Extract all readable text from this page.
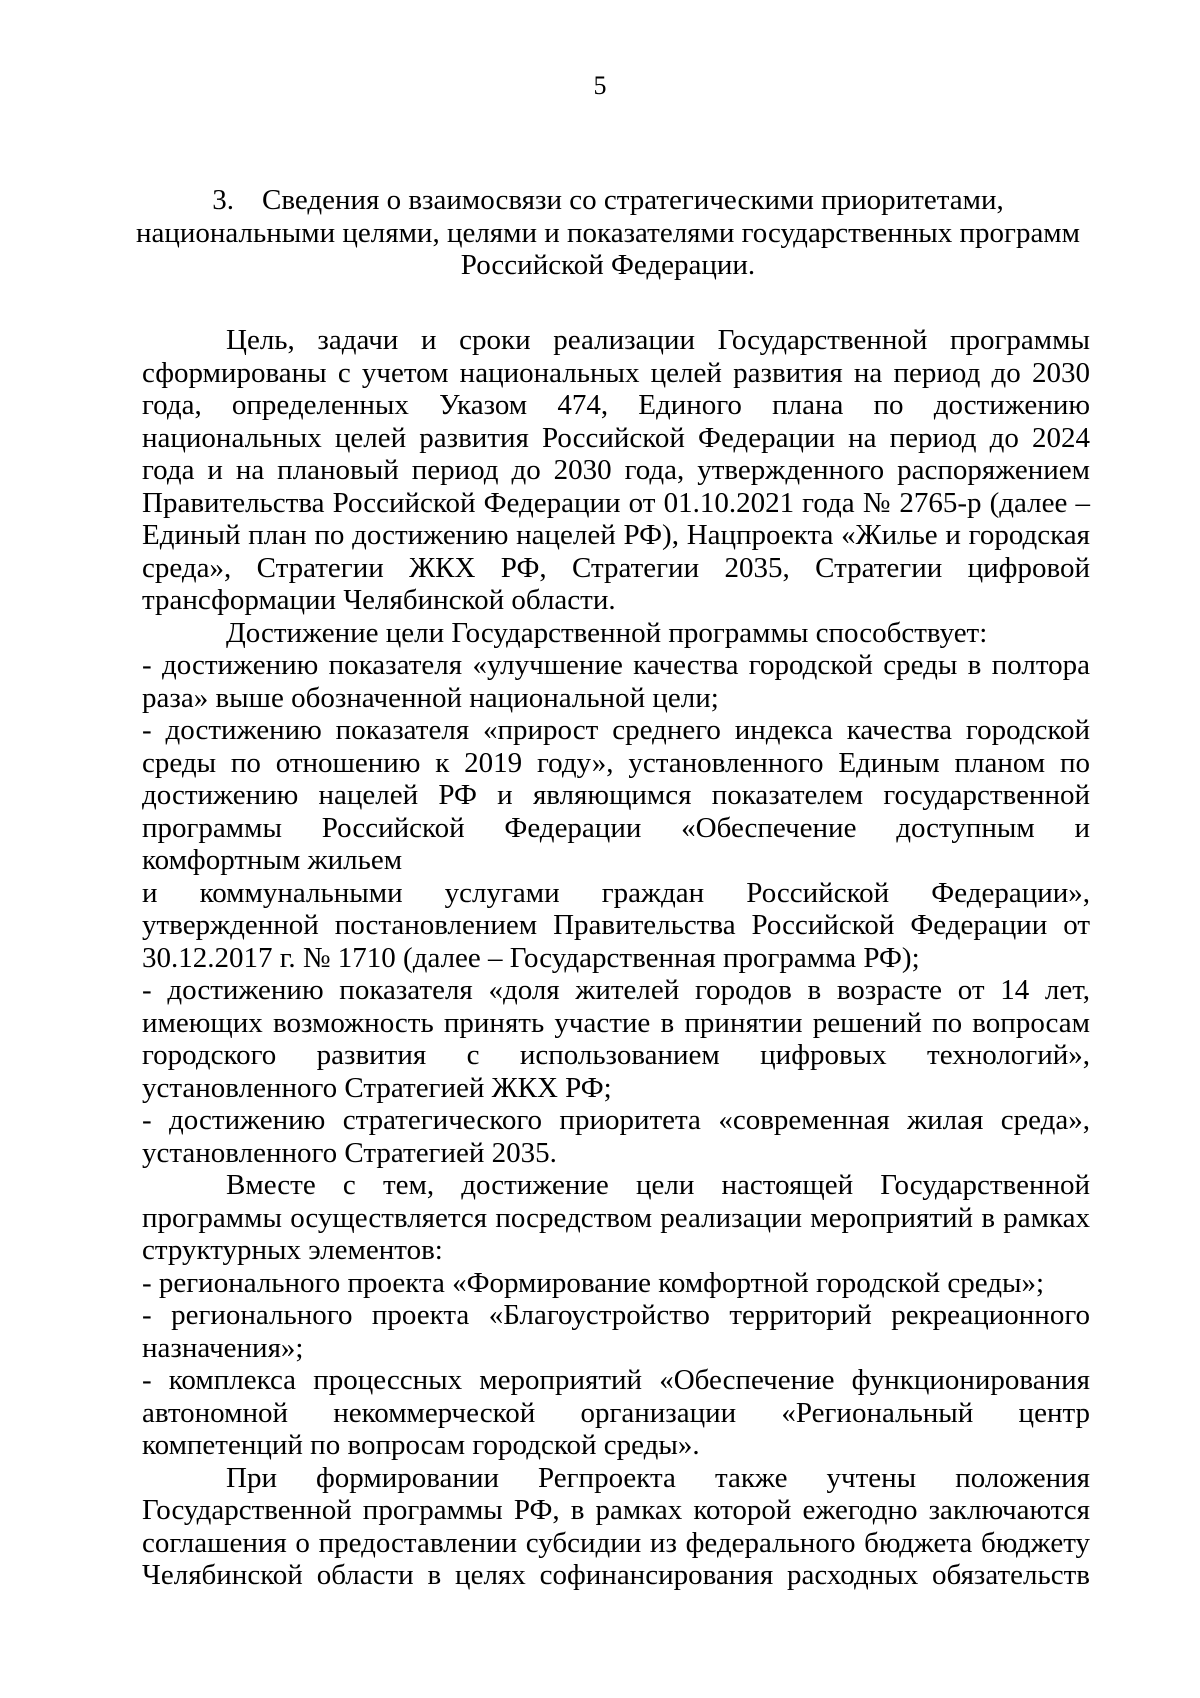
5
3. Сведения о взаимосвязи со стратегическими приоритетами,
национальными целями, целями и показателями государственных программ
Российской Федерации.

Цель, задачи и сроки реализации Государственной программы сформированы с учетом национальных целей развития на период до 2030 года, определенных Указом 474, Единого плана по достижению национальных целей развития Российской Федерации на период до 2024 года и на плановый период до 2030 года, утвержденного распоряжением Правительства Российской Федерации от 01.10.2021 года № 2765-р (далее – Единый план по достижению нацелей РФ), Нацпроекта «Жилье и городская среда», Стратегии ЖКХ РФ, Стратегии 2035, Стратегии цифровой трансформации Челябинской области.

Достижение цели Государственной программы способствует:

- достижению показателя «улучшение качества городской среды в полтора раза» выше обозначенной национальной цели;

- достижению показателя «прирост среднего индекса качества городской среды по отношению к 2019 году», установленного Единым планом по достижению нацелей РФ и являющимся показателем государственной программы Российской Федерации «Обеспечение доступным и комфортным жильем

и коммунальными услугами граждан Российской Федерации», утвержденной постановлением Правительства Российской Федерации от 30.12.2017 г. № 1710 (далее – Государственная программа РФ);

- достижению показателя «доля жителей городов в возрасте от 14 лет, имеющих возможность принять участие в принятии решений по вопросам городского развития с использованием цифровых технологий», установленного Стратегией ЖКХ РФ;

- достижению стратегического приоритета «современная жилая среда», установленного Стратегией 2035.

Вместе с тем, достижение цели настоящей Государственной программы осуществляется посредством реализации мероприятий в рамках структурных элементов:

- регионального проекта «Формирование комфортной городской среды»;

- регионального проекта «Благоустройство территорий рекреационного назначения»;

- комплекса процессных мероприятий «Обеспечение функционирования автономной некоммерческой организации «Региональный центр компетенций по вопросам городской среды».

При формировании Регпроекта также учтены положения Государственной программы РФ, в рамках которой ежегодно заключаются соглашения о предоставлении субсидии из федерального бюджета бюджету Челябинской области в целях софинансирования расходных обязательств
